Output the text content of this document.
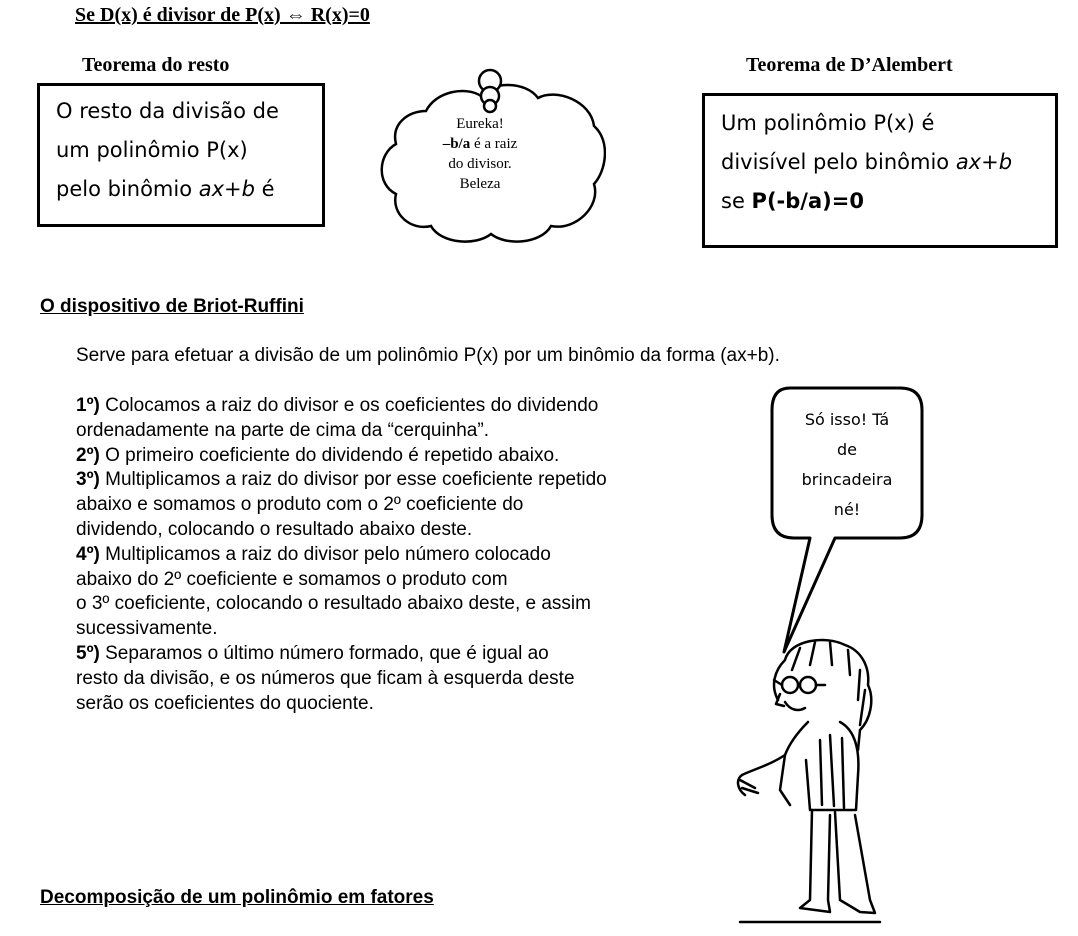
Se D(x) é divisor de P(x) ⇔ R(x)=0
Teorema do resto	Teorema de D’Alembert
O resto da divisão de
um polinômio P(x)
pelo binômio ax+b é
Eureka!
–b/a é a raiz
do divisor.
Beleza
Um polinômio P(x) é
divisível pelo binômio ax+b
se P(-b/a)=0
O dispositivo de Briot-Ruffini
Serve para efetuar a divisão de um polinômio P(x) por um binômio da forma (ax+b).
1º) Colocamos a raiz do divisor e os coeficientes do dividendo
ordenadamente na parte de cima da “cerquinha”.
2º) O primeiro coeficiente do dividendo é repetido abaixo.
3º) Multiplicamos a raiz do divisor por esse coeficiente repetido
abaixo e somamos o produto com o 2º coeficiente do
dividendo, colocando o resultado abaixo deste.
4º) Multiplicamos a raiz do divisor pelo número colocado
abaixo do 2º coeficiente e somamos o produto com
o 3º coeficiente, colocando o resultado abaixo deste, e assim
sucessivamente.
5º) Separamos o último número formado, que é igual ao
resto da divisão, e os números que ficam à esquerda deste
serão os coeficientes do quociente.
Só isso! Tá
de
brincadeira
né!
Decomposição de um polinômio em fatores
